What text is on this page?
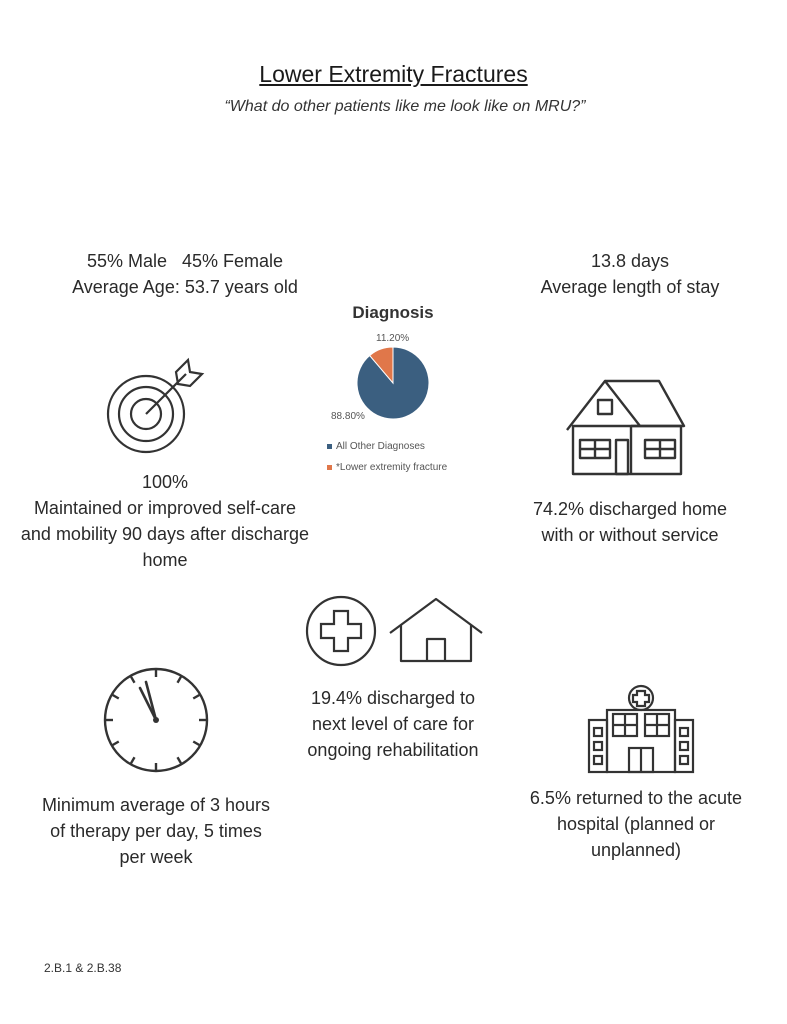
Lower Extremity Fractures
“What do other patients like me look like on MRU?”
55% Male   45% Female
Average Age: 53.7 years old
13.8 days
Average length of stay
Diagnosis
11.20%
88.80%
All Other Diagnoses
*Lower extremity fracture
100%
Maintained or improved self-care and mobility 90 days after discharge home
74.2% discharged home with or without service
19.4% discharged to next level of care for ongoing rehabilitation
Minimum average of 3 hours of therapy per day, 5 times per week
6.5% returned to the acute hospital (planned or unplanned)
2.B.1 & 2.B.38
